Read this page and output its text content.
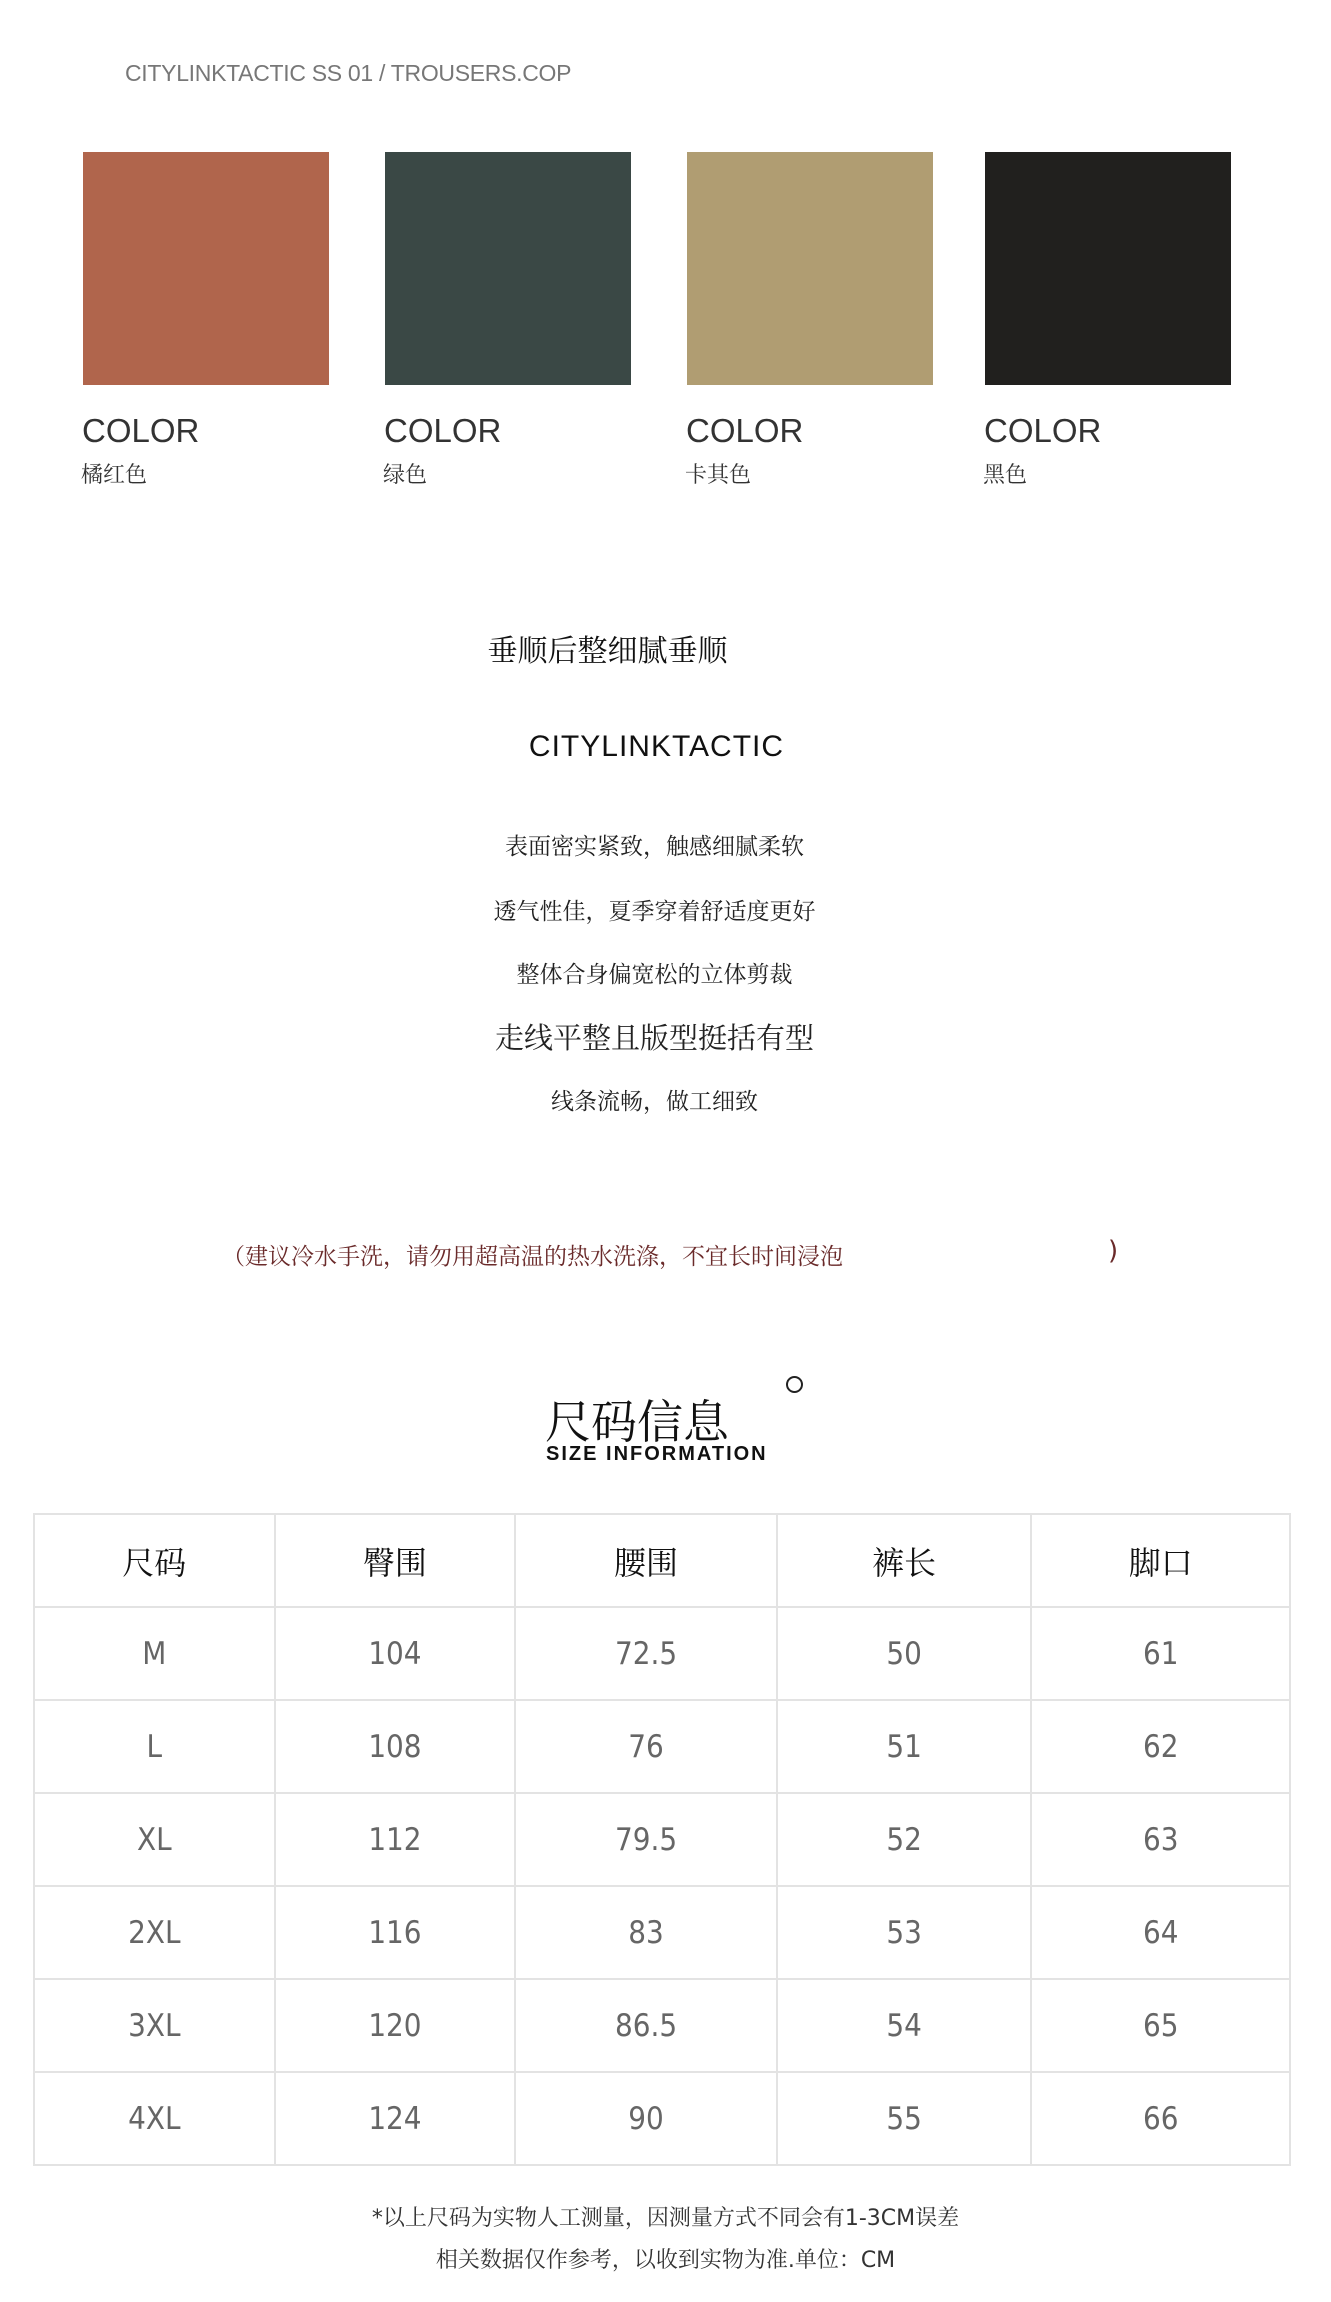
CITYLINKTACTIC SS 01 / TROUSERS.COP
COLOR
橘红色
COLOR
绿色
COLOR
卡其色
COLOR
黑色
垂顺后整细腻垂顺
CITYLINKTACTIC
表面密实紧致，触感细腻柔软
透气性佳，夏季穿着舒适度更好
整体合身偏宽松的立体剪裁
走线平整且版型挺括有型
线条流畅，做工细致
（建议冷水手洗，请勿用超高温的热水洗涤，不宜长时间浸泡	)
尺码信息
SIZE INFORMATION
尺码	臀围	腰围	裤长	脚口
M	104	72.5	50	61
L	108	76	51	62
XL	112	79.5	52	63
2XL	116	83	53	64
3XL	120	86.5	54	65
4XL	124	90	55	66
*以上尺码为实物人工测量，因测量方式不同会有1-3CM误差
相关数据仅作参考，以收到实物为准.单位：CM
